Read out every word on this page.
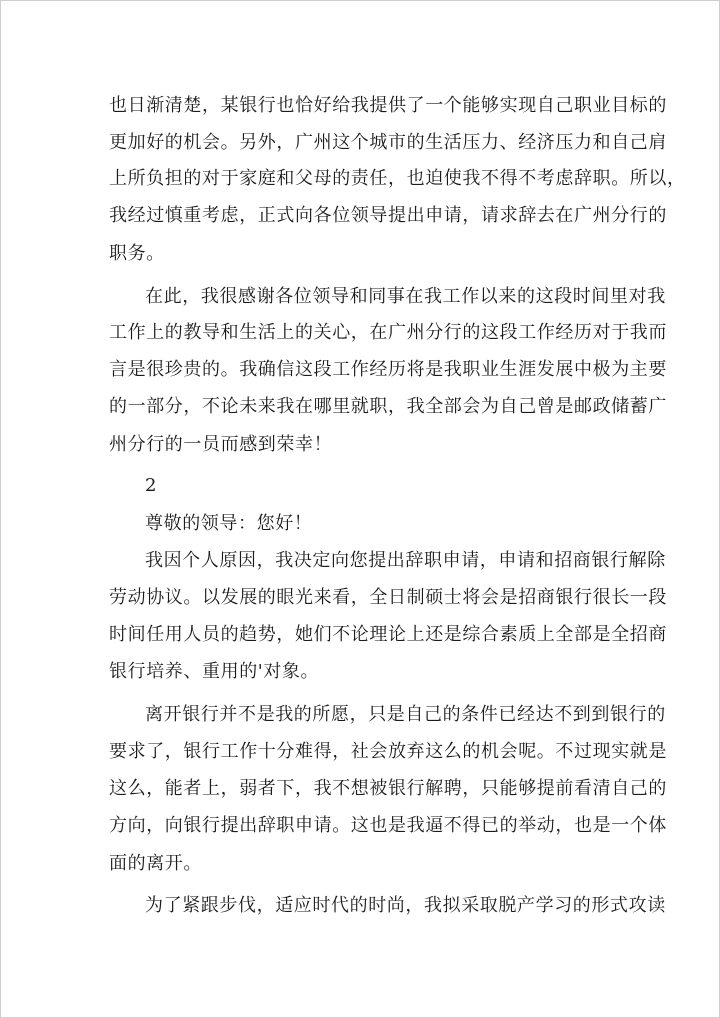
也日渐清楚，某银行也恰好给我提供了一个能够实现自己职业目标的
更加好的机会。另外，广州这个城市的生活压力、经济压力和自己肩
上所负担的对于家庭和父母的责任，也迫使我不得不考虑辞职。所以，
我经过慎重考虑，正式向各位领导提出申请，请求辞去在广州分行的
职务。
在此，我很感谢各位领导和同事在我工作以来的这段时间里对我
工作上的教导和生活上的关心，在广州分行的这段工作经历对于我而
言是很珍贵的。我确信这段工作经历将是我职业生涯发展中极为主要
的一部分，不论未来我在哪里就职，我全部会为自己曾是邮政储蓄广
州分行的一员而感到荣幸！
2
尊敬的领导：您好！
我因个人原因，我决定向您提出辞职申请，申请和招商银行解除
劳动协议。以发展的眼光来看，全日制硕士将会是招商银行很长一段
时间任用人员的趋势，她们不论理论上还是综合素质上全部是全招商
银行培养、重用的'对象。
离开银行并不是我的所愿，只是自己的条件已经达不到到银行的
要求了，银行工作十分难得，社会放弃这么的机会呢。不过现实就是
这么，能者上，弱者下，我不想被银行解聘，只能够提前看清自己的
方向，向银行提出辞职申请。这也是我逼不得已的举动，也是一个体
面的离开。
为了紧跟步伐，适应时代的时尚，我拟采取脱产学习的形式攻读
